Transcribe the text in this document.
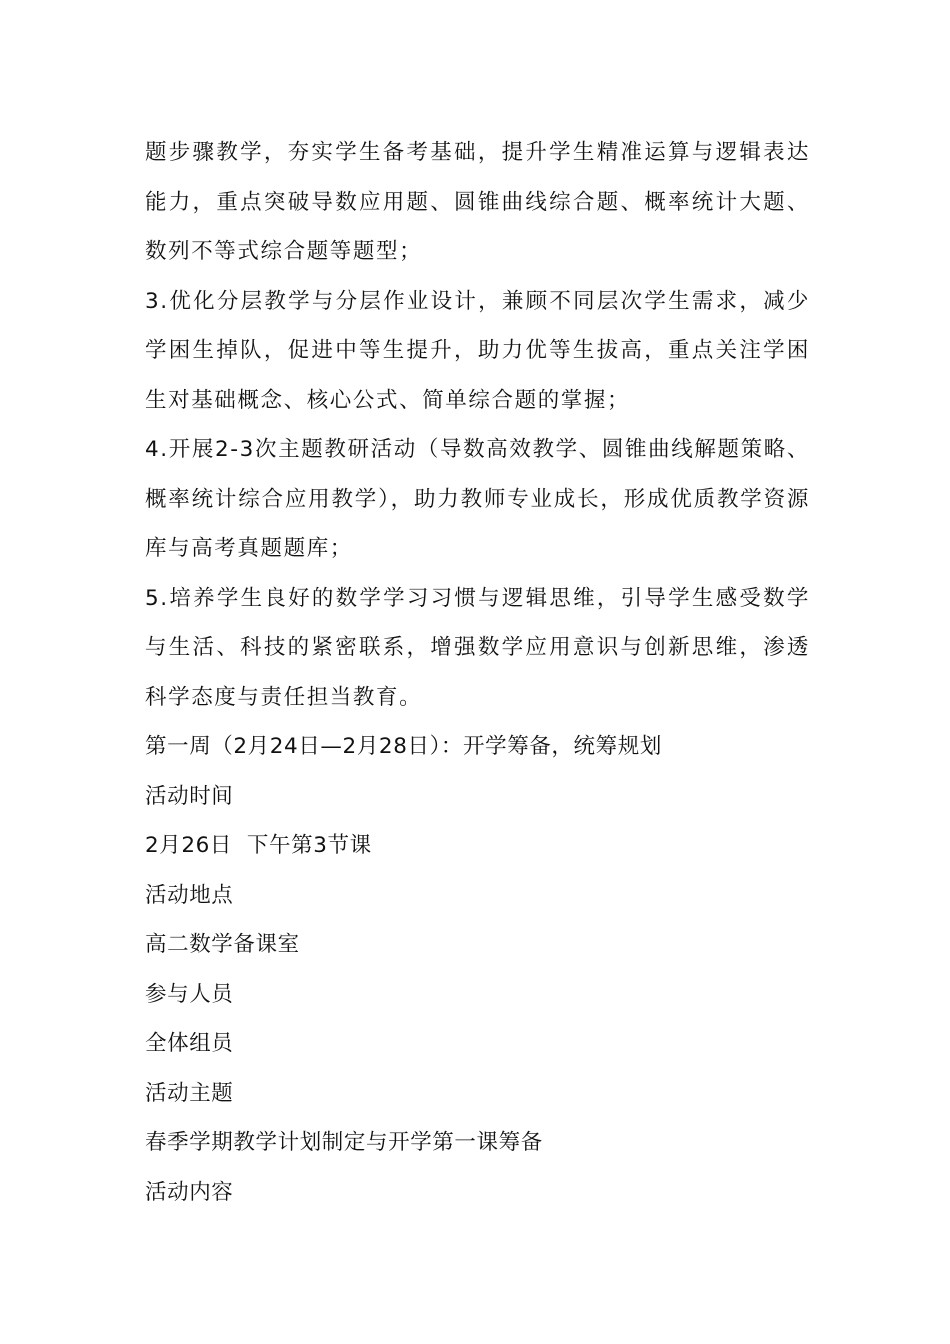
题步骤教学，夯实学生备考基础，提升学生精准运算与逻辑表达能力，重点突破导数应用题、圆锥曲线综合题、概率统计大题、数列不等式综合题等题型；

3.优化分层教学与分层作业设计，兼顾不同层次学生需求，减少学困生掉队，促进中等生提升，助力优等生拔高，重点关注学困生对基础概念、核心公式、简单综合题的掌握；

4.开展2-3次主题教研活动（导数高效教学、圆锥曲线解题策略、概率统计综合应用教学），助力教师专业成长，形成优质教学资源库与高考真题题库；

5.培养学生良好的数学学习习惯与逻辑思维，引导学生感受数学与生活、科技的紧密联系，增强数学应用意识与创新思维，渗透科学态度与责任担当教育。

第一周（2月24日—2月28日）：开学筹备，统筹规划

活动时间

2月26日  下午第3节课

活动地点

高二数学备课室

参与人员

全体组员

活动主题

春季学期教学计划制定与开学第一课筹备

活动内容
